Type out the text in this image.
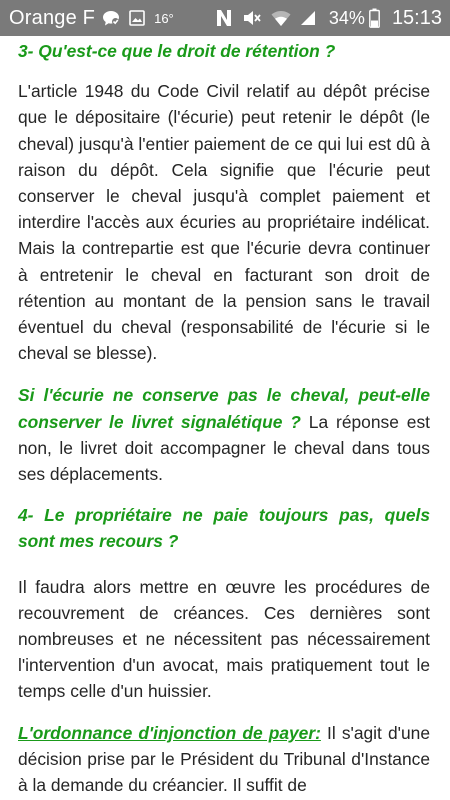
Orange F	16°	34% 15:13

3- Qu'est-ce que le droit de rétention ?

L'article 1948 du Code Civil relatif au dépôt précise que le dépositaire (l'écurie) peut retenir le dépôt (le cheval) jusqu'à l'entier paiement de ce qui lui est dû à raison du dépôt. Cela signifie que l'écurie peut conserver le cheval jusqu'à complet paiement et interdire l'accès aux écuries au propriétaire indélicat. Mais la contrepartie est que l'écurie devra continuer à entretenir le cheval en facturant son droit de rétention au montant de la pension sans le travail éventuel du cheval (responsabilité de l'écurie si le cheval se blesse).

Si l'écurie ne conserve pas le cheval, peut-elle conserver le livret signalétique ? La réponse est non, le livret doit accompagner le cheval dans tous ses déplacements.

4- Le propriétaire ne paie toujours pas, quels sont mes recours ?

Il faudra alors mettre en œuvre les procédures de recouvrement de créances. Ces dernières sont nombreuses et ne nécessitent pas nécessairement l'intervention d'un avocat, mais pratiquement tout le temps celle d'un huissier.

L'ordonnance d'injonction de payer: Il s'agit d'une décision prise par le Président du Tribunal d'Instance à la demande du créancier. Il suffit de
